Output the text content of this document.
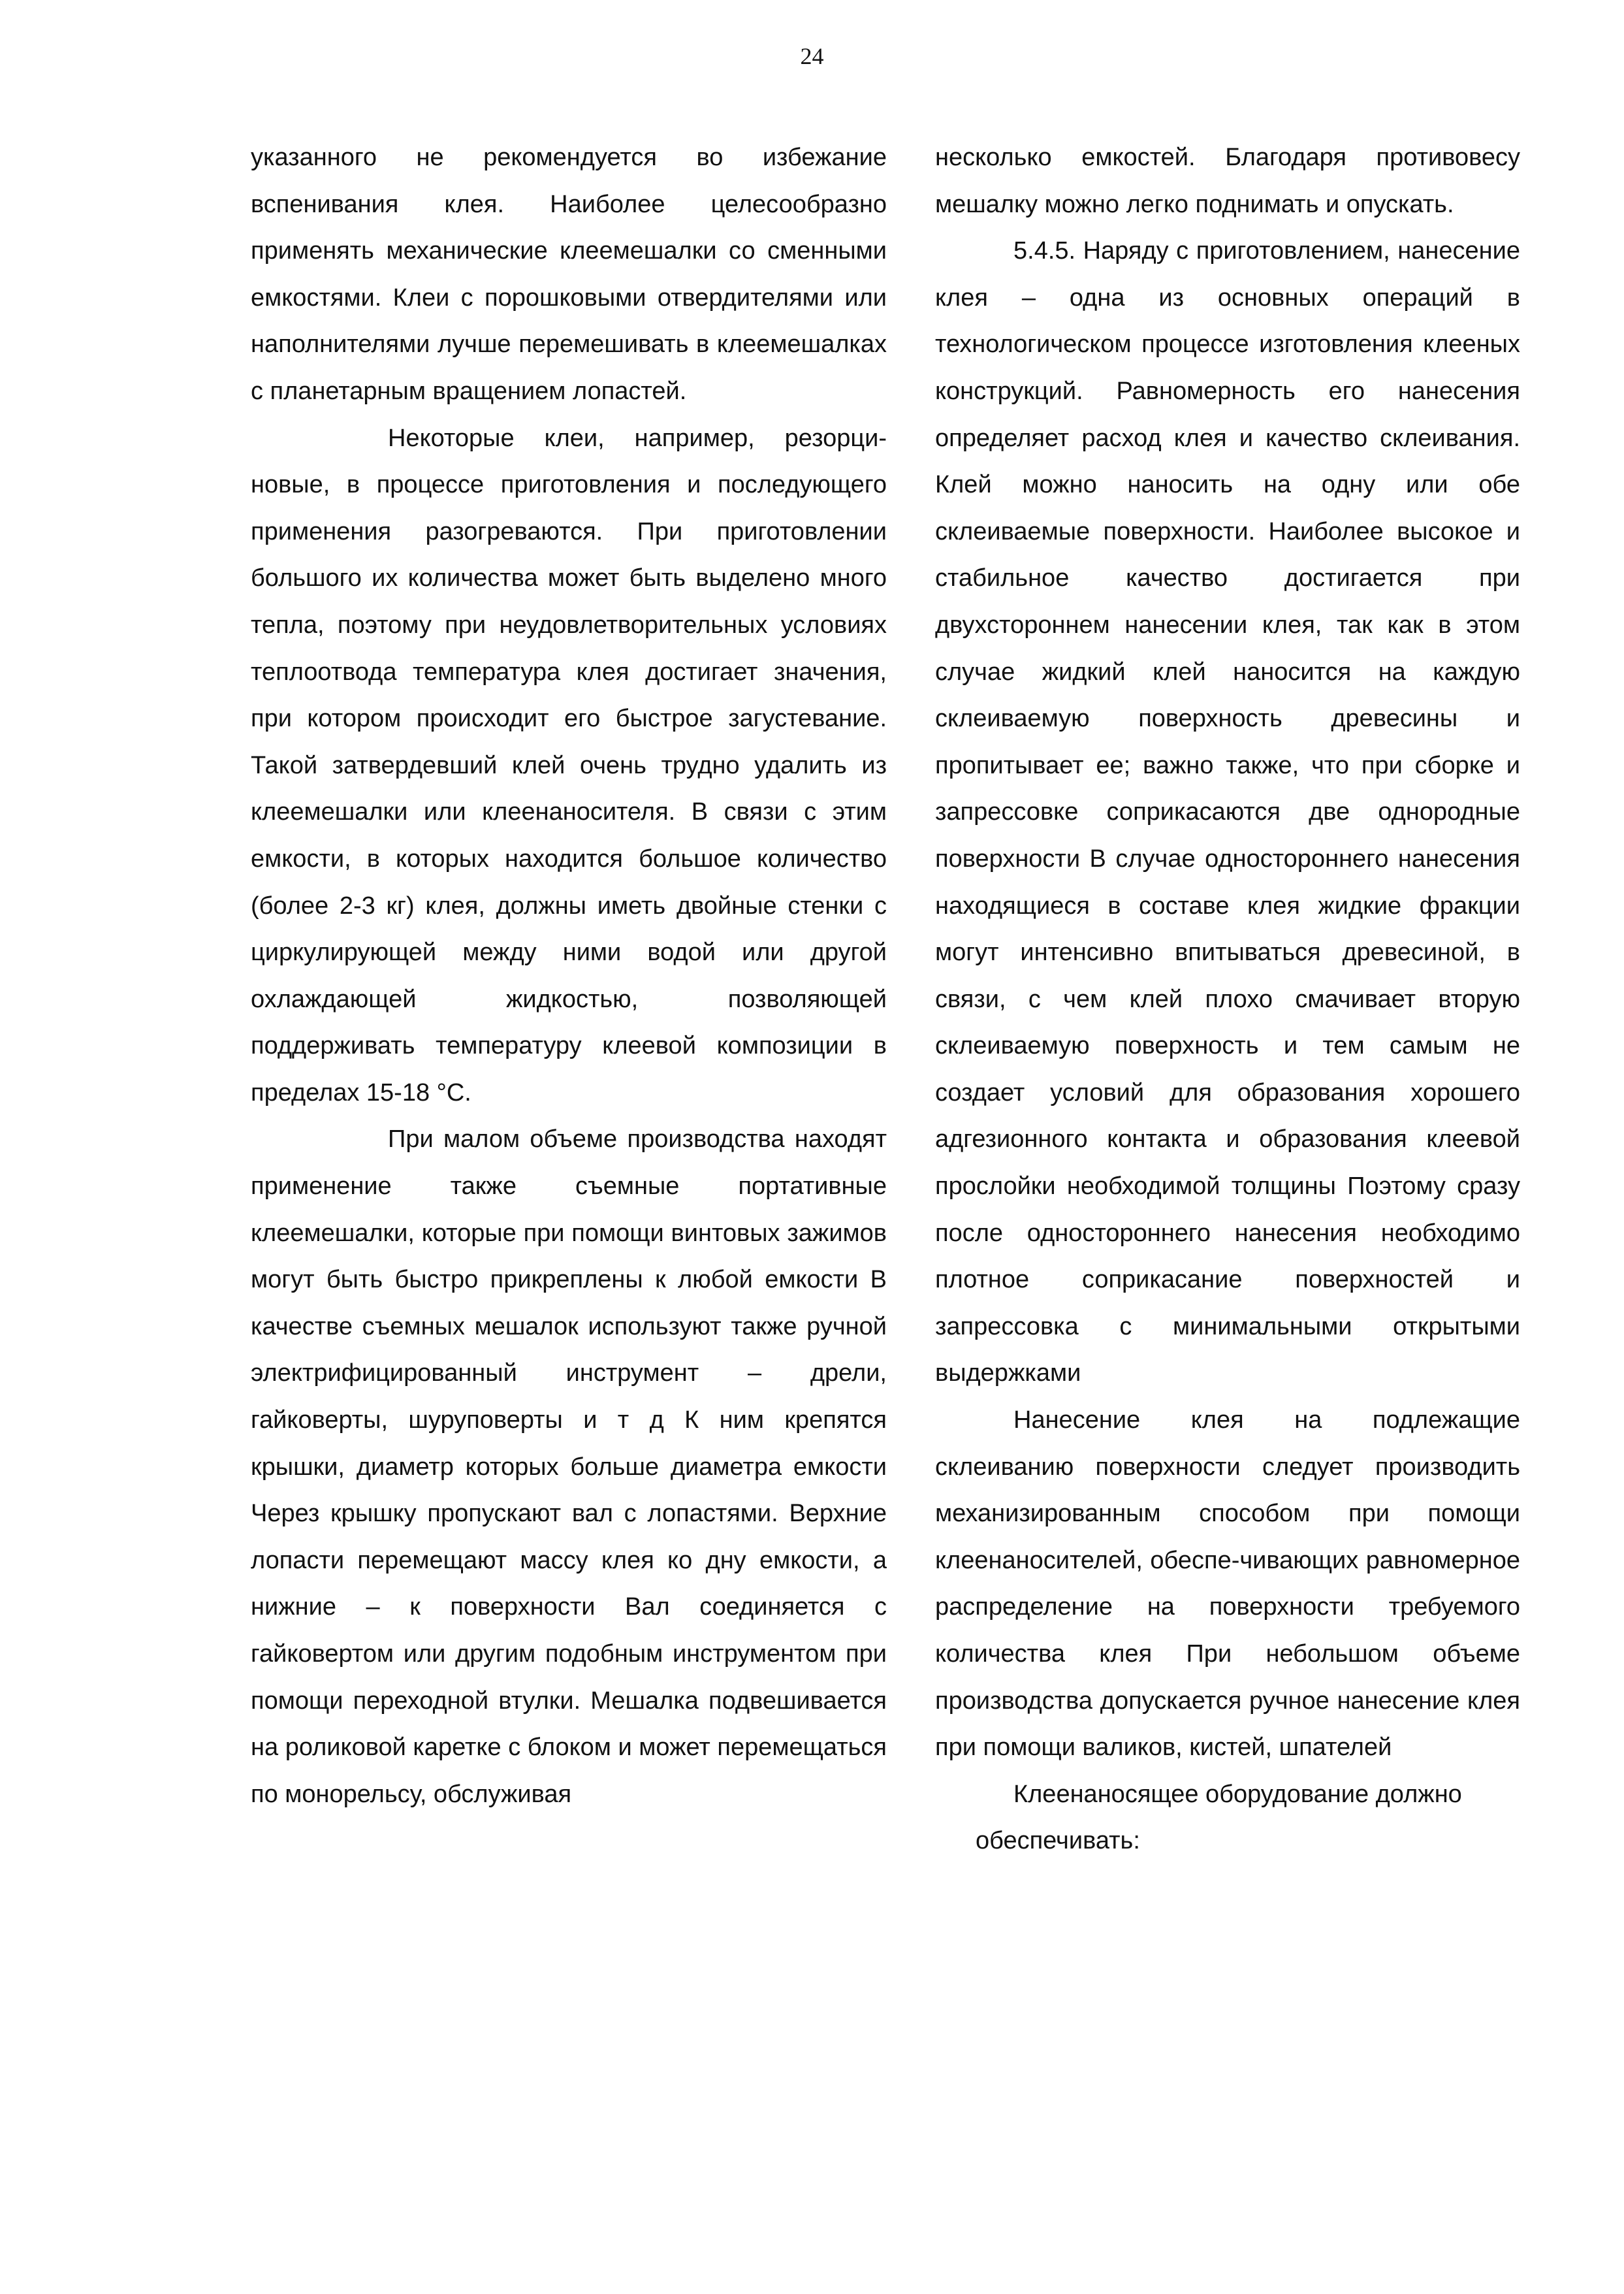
24

указанного не рекомендуется во избежание вспенивания клея. Наиболее целесообразно применять механические клеемешалки со сменными емкостями. Клеи с порошковыми отвердителями или наполнителями лучше перемешивать в клеемешалках с планетарным вращением лопастей.

Некоторые клеи, например, резорци-новые, в процессе приготовления и последующего применения разогреваются. При приготовлении большого их количества может быть выделено много тепла, поэтому при неудовлетворительных условиях теплоотвода температура клея достигает значения, при котором происходит его быстрое загустевание. Такой затвердевший клей очень трудно удалить из клеемешалки или клеенаносителя. В связи с этим емкости, в которых находится большое количество (более 2-3 кг) клея, должны иметь двойные стенки с циркулирующей между ними водой или другой охлаждающей жидкостью, позволяющей поддерживать температуру клеевой композиции в пределах 15-18 °С.

При малом объеме производства находят применение также съемные портативные клеемешалки, которые при помощи винтовых зажимов могут быть быстро прикреплены к любой емкости В качестве съемных мешалок используют также ручной электрифицированный инструмент – дрели, гайковерты, шуруповерты и т д К ним крепятся крышки, диаметр которых больше диаметра емкости Через крышку пропускают вал с лопастями. Верхние лопасти перемещают массу клея ко дну емкости, а нижние – к поверхности Вал соединяется с гайковертом или другим подобным инструментом при помощи переходной втулки. Мешалка подвешивается на роликовой каретке с блоком и может перемещаться по монорельсу, обслуживая

несколько емкостей. Благодаря противовесу мешалку можно легко поднимать и опускать.

5.4.5. Наряду с приготовлением, нанесение клея – одна из основных операций в технологическом процессе изготовления клееных конструкций. Равномерность его нанесения определяет расход клея и качество склеивания. Клей можно наносить на одну или обе склеиваемые поверхности. Наиболее высокое и стабильное качество достигается при двухстороннем нанесении клея, так как в этом случае жидкий клей наносится на каждую склеиваемую поверхность древесины и пропитывает ее; важно также, что при сборке и запрессовке соприкасаются две однородные поверхности В случае одностороннего нанесения находящиеся в составе клея жидкие фракции могут интенсивно впитываться древесиной, в связи, с чем клей плохо смачивает вторую склеиваемую поверхность и тем самым не создает условий для образования хорошего адгезионного контакта и образования клеевой прослойки необходимой толщины Поэтому сразу после одностороннего нанесения необходимо плотное соприкасание поверхностей и запрессовка с минимальными открытыми выдержками

Нанесение клея на подлежащие склеиванию поверхности следует производить механизированным способом при помощи клеенаносителей, обеспе-чивающих равномерное распределение на поверхности требуемого количества клея При небольшом объеме производства допускается ручное нанесение клея при помощи валиков, кистей, шпателей

Клеенаносящее оборудование должно

обеспечивать:
